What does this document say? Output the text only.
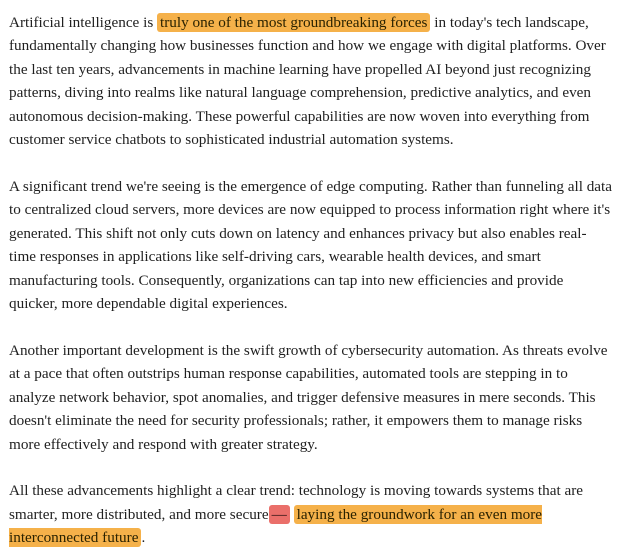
Artificial intelligence is truly one of the most groundbreaking forces in today's tech landscape, fundamentally changing how businesses function and how we engage with digital platforms. Over the last ten years, advancements in machine learning have propelled AI beyond just recognizing patterns, diving into realms like natural language comprehension, predictive analytics, and even autonomous decision-making. These powerful capabilities are now woven into everything from customer service chatbots to sophisticated industrial automation systems.

A significant trend we're seeing is the emergence of edge computing. Rather than funneling all data to centralized cloud servers, more devices are now equipped to process information right where it's generated. This shift not only cuts down on latency and enhances privacy but also enables real-time responses in applications like self-driving cars, wearable health devices, and smart manufacturing tools. Consequently, organizations can tap into new efficiencies and provide quicker, more dependable digital experiences.

Another important development is the swift growth of cybersecurity automation. As threats evolve at a pace that often outstrips human response capabilities, automated tools are stepping in to analyze network behavior, spot anomalies, and trigger defensive measures in mere seconds. This doesn't eliminate the need for security professionals; rather, it empowers them to manage risks more effectively and respond with greater strategy.

All these advancements highlight a clear trend: technology is moving towards systems that are smarter, more distributed, and more secure — laying the groundwork for an even more interconnected future .
